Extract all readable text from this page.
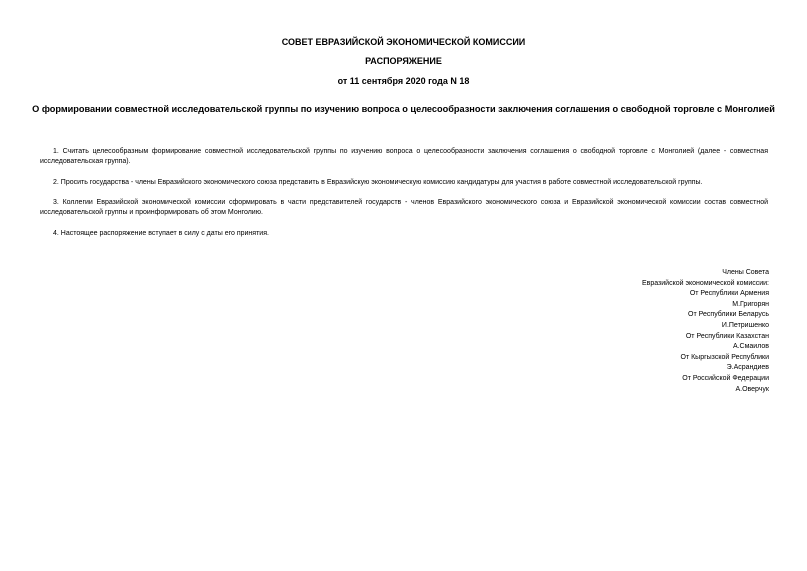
СОВЕТ ЕВРАЗИЙСКОЙ ЭКОНОМИЧЕСКОЙ КОМИССИИ
РАСПОРЯЖЕНИЕ
от 11 сентября 2020 года N 18
О формировании совместной исследовательской группы по изучению вопроса о целесообразности заключения соглашения о свободной торговле с Монголией
1. Считать целесообразным формирование совместной исследовательской группы по изучению вопроса о целесообразности заключения соглашения о свободной торговле с Монголией (далее - совместная исследовательская группа).
2. Просить государства - члены Евразийского экономического союза представить в Евразийскую экономическую комиссию кандидатуры для участия в работе совместной исследовательской группы.
3. Коллегии Евразийской экономической комиссии сформировать в части представителей государств - членов Евразийского экономического союза и Евразийской экономической комиссии состав совместной исследовательской группы и проинформировать об этом Монголию.
4. Настоящее распоряжение вступает в силу с даты его принятия.
Члены Совета
Евразийской экономической комиссии:
От Республики Армения
М.Григорян
От Республики Беларусь
И.Петришенко
От Республики Казахстан
А.Смаилов
От Кыргызской Республики
Э.Асрандиев
От Российской Федерации
А.Оверчук
